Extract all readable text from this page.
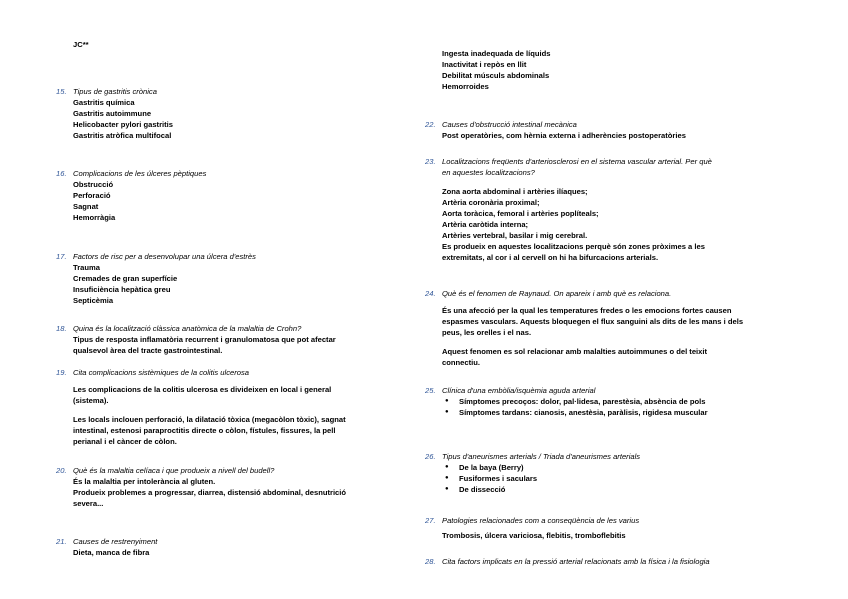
JC**
15. Tipus de gastritis crònica
Gastritis química
Gastritis autoimmune
Helicobacter pylori gastritis
Gastritis atròfica multifocal
16. Complicacions de les úlceres pèptiques
Obstrucció
Perforació
Sagnat
Hemorràgia
17. Factors de risc per a desenvolupar una úlcera d'estrès
Trauma
Cremades de gran superfície
Insuficiència hepàtica greu
Septicèmia
18. Quina és la localització clàssica anatòmica de la malaltia de Crohn?
Tipus de resposta inflamatòria recurrent i granulomatosa que pot afectar
qualsevol àrea del tracte gastrointestinal.
19. Cita complicacions sistèmiques de la colitis ulcerosa
Les complicacions de la colitis ulcerosa es divideixen en local i general
(sistema).
Les locals inclouen perforació, la dilatació tòxica (megacòlon tòxic), sagnat
intestinal, estenosi paraproctitis directe o còlon, fístules, fissures, la pell
perianal i el càncer de còlon.
20. Què és la malaltia celíaca i que produeix a nivell del budell?
És la malaltia per intolerància al gluten.
Produeix problemes a progressar, diarrea, distensió abdominal, desnutrició
severa...
21. Causes de restrenyiment
Dieta, manca de fibra
Ingesta inadequada de líquids
Inactivitat i repòs en llit
Debilitat músculs abdominals
Hemorroides
22. Causes d'obstrucció intestinal mecànica
Post operatòries, com hèrnia externa i adherències postoperatòries
23. Localitzacions freqüents d'arteriosclerosi en el sistema vascular arterial. Per què
en aquestes localitzacions?
Zona aorta abdominal i artèries ilíaques;
Artèria coronària proximal;
Aorta toràcica, femoral i artèries poplíteals;
Artèria caròtida interna;
Artèries vertebral, basilar i mig cerebral.
Es produeix en aquestes localitzacions perquè són zones pròximes a les
extremitats, al cor i al cervell on hi ha bifurcacions arterials.
24. Què és el fenomen de Raynaud. On apareix i amb què es relaciona.
És una afecció per la qual les temperatures fredes o les emocions fortes causen
espasmes vasculars. Aquests bloquegen el flux sanguini als dits de les mans i dels
peus, les orelles i el nas.
Aquest fenomen es sol relacionar amb malalties autoimmunes o del teixit
connectiu.
25. Clínica d'una embòlia/isquèmia aguda arterial
● Símptomes precoços: dolor, pal·lidesa, parestèsia, absència de pols
● Símptomes tardans: cianosis, anestèsia, paràlisis, rigidesa muscular
26. Tipus d'aneurismes arterials / Triada d'aneurismes arterials
● De la baya (Berry)
● Fusiformes i saculars
● De dissecció
27. Patologies relacionades com a conseqüència de les varius
Trombosis, úlcera variciosa, flebitis, tromboflebitis
28. Cita factors implicats en la pressió arterial relacionats amb la física i la fisiologia
